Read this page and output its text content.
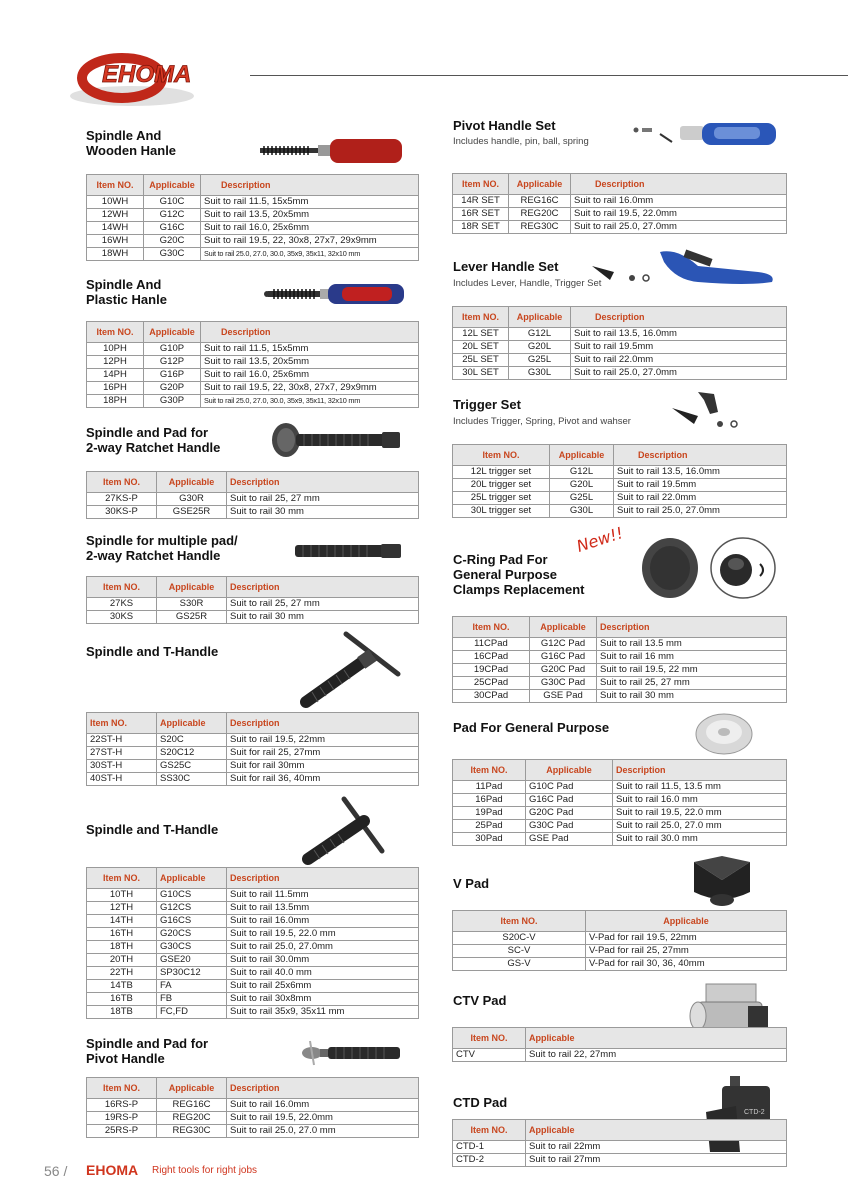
EHOMA
Spindle And
Wooden Hanle
Item NO.	Applicable	Description
10WH	G10C	Suit to rail 11.5, 15x5mm
12WH	G12C	Suit to rail 13.5, 20x5mm
14WH	G16C	Suit to rail 16.0, 25x6mm
16WH	G20C	Suit to rail 19.5, 22, 30x8, 27x7, 29x9mm
18WH	G30C	Suit to rail 25.0, 27.0, 30.0, 35x9, 35x11, 32x10 mm
Spindle And
Plastic Hanle
Item NO.	Applicable	Description
10PH	G10P	Suit to rail 11.5, 15x5mm
12PH	G12P	Suit to rail 13.5, 20x5mm
14PH	G16P	Suit to rail 16.0, 25x6mm
16PH	G20P	Suit to rail 19.5, 22, 30x8, 27x7, 29x9mm
18PH	G30P	Suit to rail 25.0, 27.0, 30.0, 35x9, 35x11, 32x10 mm
Spindle and Pad for
2-way Ratchet Handle
Item NO.	Applicable	Description
27KS-P	G30R	Suit to rail 25, 27 mm
30KS-P	GSE25R	Suit to rail 30 mm
Spindle for multiple pad/
2-way Ratchet Handle
Item NO.	Applicable	Description
27KS	S30R	Suit to rail 25, 27 mm
30KS	GS25R	Suit to rail 30 mm
Spindle and T-Handle
Item NO.	Applicable	Description
22ST-H	S20C	Suit to rail 19.5, 22mm
27ST-H	S20C12	Suit for rail 25, 27mm
30ST-H	GS25C	Suit for rail 30mm
40ST-H	SS30C	Suit for rail 36, 40mm
Spindle and T-Handle
Item NO.	Applicable	Description
10TH	G10CS	Suit to rail 11.5mm
12TH	G12CS	Suit to rail 13.5mm
14TH	G16CS	Suit to rail 16.0mm
16TH	G20CS	Suit to rail 19.5, 22.0 mm
18TH	G30CS	Suit to rail 25.0, 27.0mm
20TH	GSE20	Suit to rail 30.0mm
22TH	SP30C12	Suit to rail 40.0 mm
14TB	FA	Suit to rail 25x6mm
16TB	FB	Suit to rail 30x8mm
18TB	FC,FD	Suit to rail 35x9, 35x11 mm
Spindle and Pad for
Pivot Handle
Item NO.	Applicable	Description
16RS-P	REG16C	Suit to rail 16.0mm
19RS-P	REG20C	Suit to rail 19.5, 22.0mm
25RS-P	REG30C	Suit to rail 25.0, 27.0 mm
Pivot Handle Set
Includes handle, pin, ball, spring
Item NO.	Applicable	Description
14R SET	REG16C	Suit to rail 16.0mm
16R SET	REG20C	Suit to rail 19.5, 22.0mm
18R SET	REG30C	Suit to rail 25.0, 27.0mm
Lever Handle Set
Includes Lever, Handle, Trigger Set
Item NO.	Applicable	Description
12L SET	G12L	Suit to rail 13.5, 16.0mm
20L SET	G20L	Suit to rail 19.5mm
25L SET	G25L	Suit to rail 22.0mm
30L SET	G30L	Suit to rail 25.0, 27.0mm
Trigger Set
Includes Trigger, Spring, Pivot and wahser
Item NO.	Applicable	Description
12L trigger set	G12L	Suit to rail 13.5, 16.0mm
20L trigger set	G20L	Suit to rail 19.5mm
25L trigger set	G25L	Suit to rail 22.0mm
30L trigger set	G30L	Suit to rail 25.0, 27.0mm
C-Ring Pad For
General Purpose
Clamps Replacement
New!!
Item NO.	Applicable	Description
11CPad	G12C Pad	Suit to rail 13.5 mm
16CPad	G16C Pad	Suit to rail 16 mm
19CPad	G20C Pad	Suit to rail 19.5, 22 mm
25CPad	G30C Pad	Suit to rail 25, 27 mm
30CPad	GSE Pad	Suit to rail 30 mm
Pad For General Purpose
Item NO.	Applicable	Description
11Pad	G10C Pad	Suit to rail 11.5, 13.5 mm
16Pad	G16C Pad	Suit to rail 16.0 mm
19Pad	G20C Pad	Suit to rail 19.5, 22.0 mm
25Pad	G30C Pad	Suit to rail 25.0, 27.0 mm
30Pad	GSE Pad	Suit to rail 30.0 mm
V Pad
Item NO.	Applicable
S20C-V	V-Pad for rail 19.5, 22mm
SC-V	V-Pad for rail 25, 27mm
GS-V	V-Pad for rail 30, 36, 40mm
CTV Pad
Item NO.	Applicable
CTV	Suit to rail 22, 27mm
CTD Pad
CTD-2
Item NO.	Applicable
CTD-1	Suit to rail 22mm
CTD-2	Suit to rail 27mm
56 / EHOMA Right tools for right jobs
